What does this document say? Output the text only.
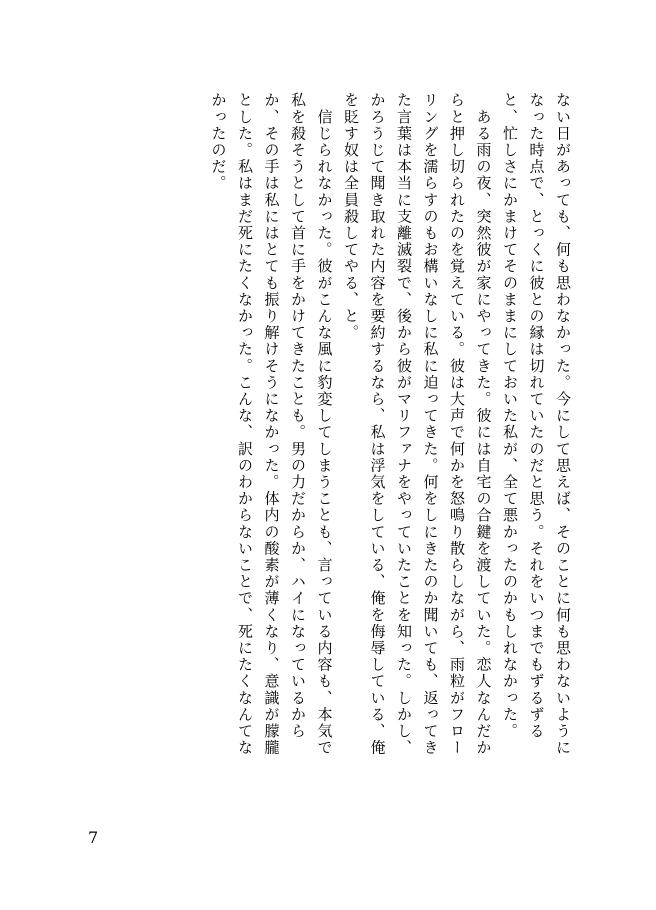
ない日があっても、何も思わなかった。今にして思えば、そのことに何も思わないように
なった時点で、とっくに彼との縁は切れていたのだと思う。それをいつまでもずるずる
と、忙しさにかまけてそのままにしておいた私が、全て悪かったのかもしれなかった。
　ある雨の夜、突然彼が家にやってきた。彼には自宅の合鍵を渡していた。恋人なんだか
らと押し切られたのを覚えている。彼は大声で何かを怒鳴り散らしながら、雨粒がフロー
リングを濡らすのもお構いなしに私に迫ってきた。何をしにきたのか聞いても、返ってき
た言葉は本当に支離滅裂で、後から彼がマリファナをやっていたことを知った。しかし、
かろうじて聞き取れた内容を要約するなら、私は浮気をしている、俺を侮辱している、俺
を貶す奴は全員殺してやる、と。
　信じられなかった。彼がこんな風に豹変してしまうことも、言っている内容も、本気で
私を殺そうとして首に手をかけてきたことも。男の力だからか、ハイになっているから
か、その手は私にはとても振り解けそうになかった。体内の酸素が薄くなり、意識が朦朧
とした。私はまだ死にたくなかった。こんな、訳のわからないことで、死にたくなんてな
かったのだ。
7
